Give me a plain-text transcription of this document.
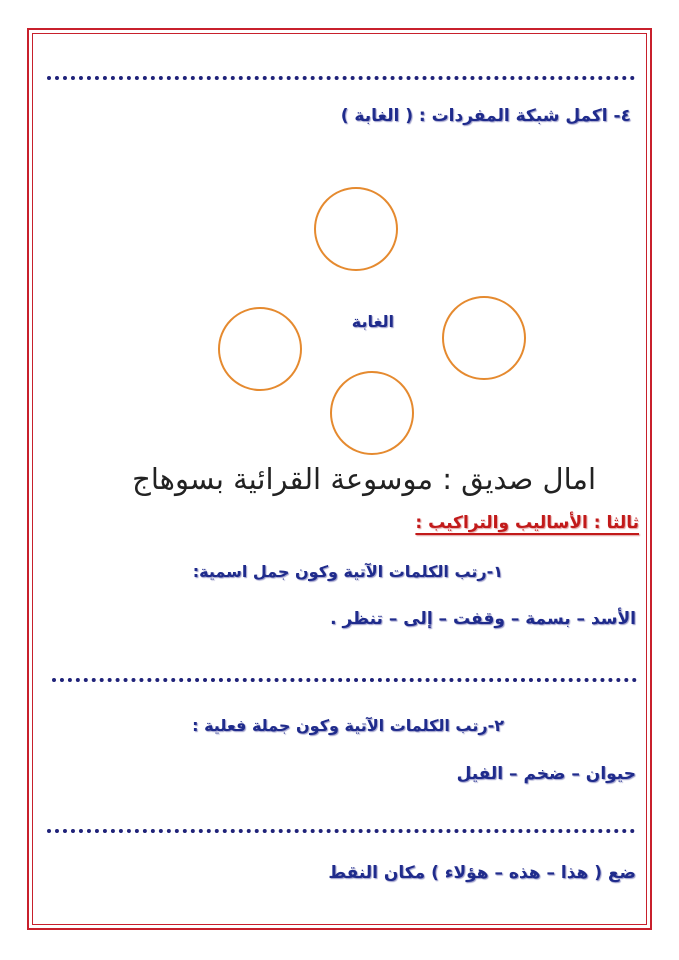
٤- اكمل شبكة المفردات : ( الغابة )
الغابة
امال صديق : موسوعة القرائية بسوهاج
ثالثا : الأساليب والتراكيب :
١-رتب الكلمات الآتية وكون جمل اسمية:
الأسد – بسمة – وقفت – إلى – تنظر .
٢-رتب الكلمات الآتية وكون جملة فعلية :
حيوان – ضخم – الفيل
ضع ( هذا – هذه – هؤلاء ) مكان النقط
